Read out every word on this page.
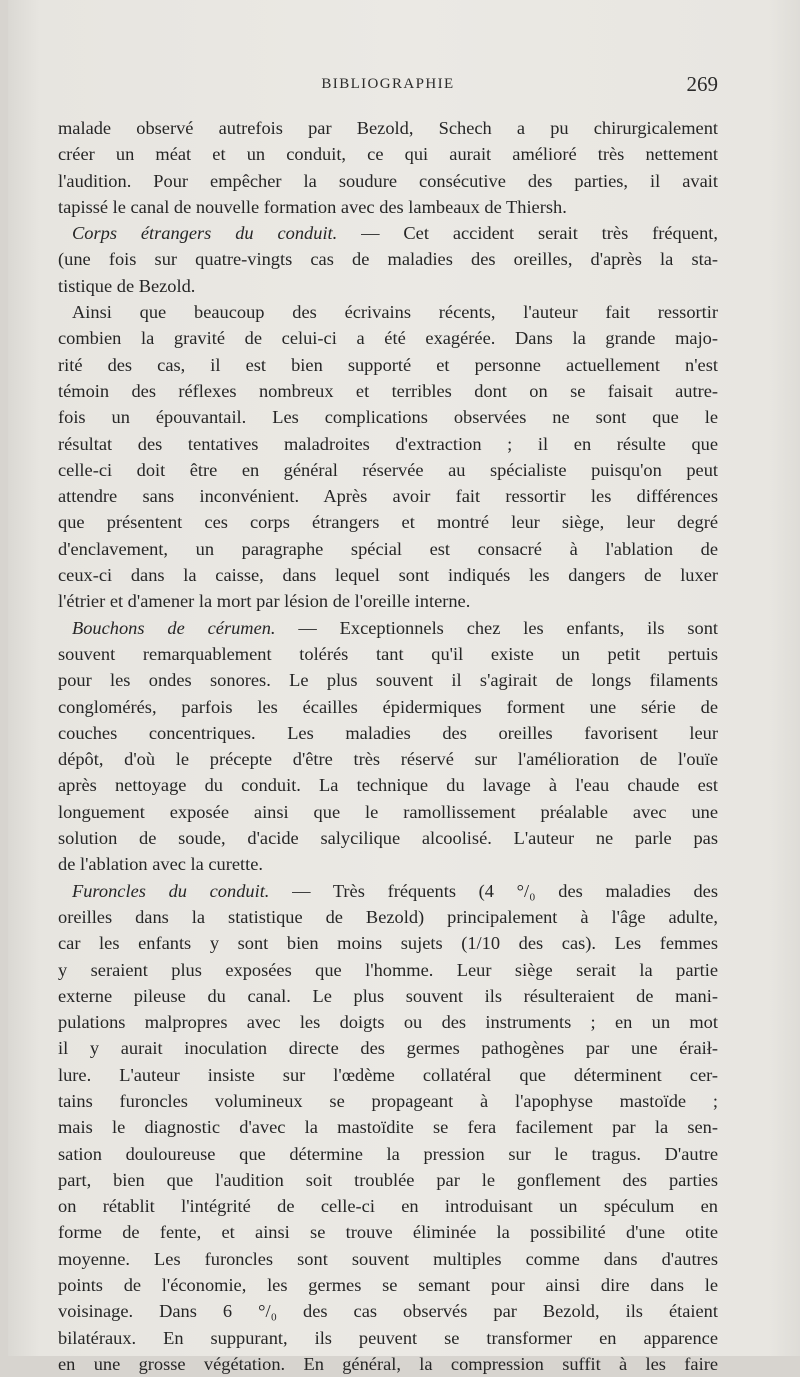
BIBLIOGRAPHIE	269
malade observé autrefois par Bezold, Schech a pu chirurgicalement
créer un méat et un conduit, ce qui aurait amélioré très nettement
l'audition. Pour empêcher la soudure consécutive des parties, il avait
tapissé le canal de nouvelle formation avec des lambeaux de Thiersh.
Corps étrangers du conduit. — Cet accident serait très fréquent,
(une fois sur quatre-vingts cas de maladies des oreilles, d'après la sta-
tistique de Bezold.
Ainsi que beaucoup des écrivains récents, l'auteur fait ressortir
combien la gravité de celui-ci a été exagérée. Dans la grande majo-
rité des cas, il est bien supporté et personne actuellement n'est
témoin des réflexes nombreux et terribles dont on se faisait autre-
fois un épouvantail. Les complications observées ne sont que le
résultat des tentatives maladroites d'extraction ; il en résulte que
celle-ci doit être en général réservée au spécialiste puisqu'on peut
attendre sans inconvénient. Après avoir fait ressortir les différences
que présentent ces corps étrangers et montré leur siège, leur degré
d'enclavement, un paragraphe spécial est consacré à l'ablation de
ceux-ci dans la caisse, dans lequel sont indiqués les dangers de luxer
l'étrier et d'amener la mort par lésion de l'oreille interne.
Bouchons de cérumen. — Exceptionnels chez les enfants, ils sont
souvent remarquablement tolérés tant qu'il existe un petit pertuis
pour les ondes sonores. Le plus souvent il s'agirait de longs filaments
conglomérés, parfois les écailles épidermiques forment une série de
couches concentriques. Les maladies des oreilles favorisent leur
dépôt, d'où le précepte d'être très réservé sur l'amélioration de l'ouïe
après nettoyage du conduit. La technique du lavage à l'eau chaude est
longuement exposée ainsi que le ramollissement préalable avec une
solution de soude, d'acide salycilique alcoolisé. L'auteur ne parle pas
de l'ablation avec la curette.
Furoncles du conduit. — Très fréquents (4 °/₀ des maladies des
oreilles dans la statistique de Bezold) principalement à l'âge adulte,
car les enfants y sont bien moins sujets (1/10 des cas). Les femmes
y seraient plus exposées que l'homme. Leur siège serait la partie
externe pileuse du canal. Le plus souvent ils résulteraient de mani-
pulations malpropres avec les doigts ou des instruments ; en un mot
il y aurait inoculation directe des germes pathogènes par une éraił-
lure. L'auteur insiste sur l'œdème collatéral que déterminent cer-
tains furoncles volumineux se propageant à l'apophyse mastoïde ;
mais le diagnostic d'avec la mastoïdite se fera facilement par la sen-
sation douloureuse que détermine la pression sur le tragus. D'autre
part, bien que l'audition soit troublée par le gonflement des parties
on rétablit l'intégrité de celle-ci en introduisant un spéculum en
forme de fente, et ainsi se trouve éliminée la possibilité d'une otite
moyenne. Les furoncles sont souvent multiples comme dans d'autres
points de l'économie, les germes se semant pour ainsi dire dans le
voisinage. Dans 6 °/₀ des cas observés par Bezold, ils étaient
bilatéraux. En suppurant, ils peuvent se transformer en apparence
en une grosse végétation. En général, la compression suffit à les faire
